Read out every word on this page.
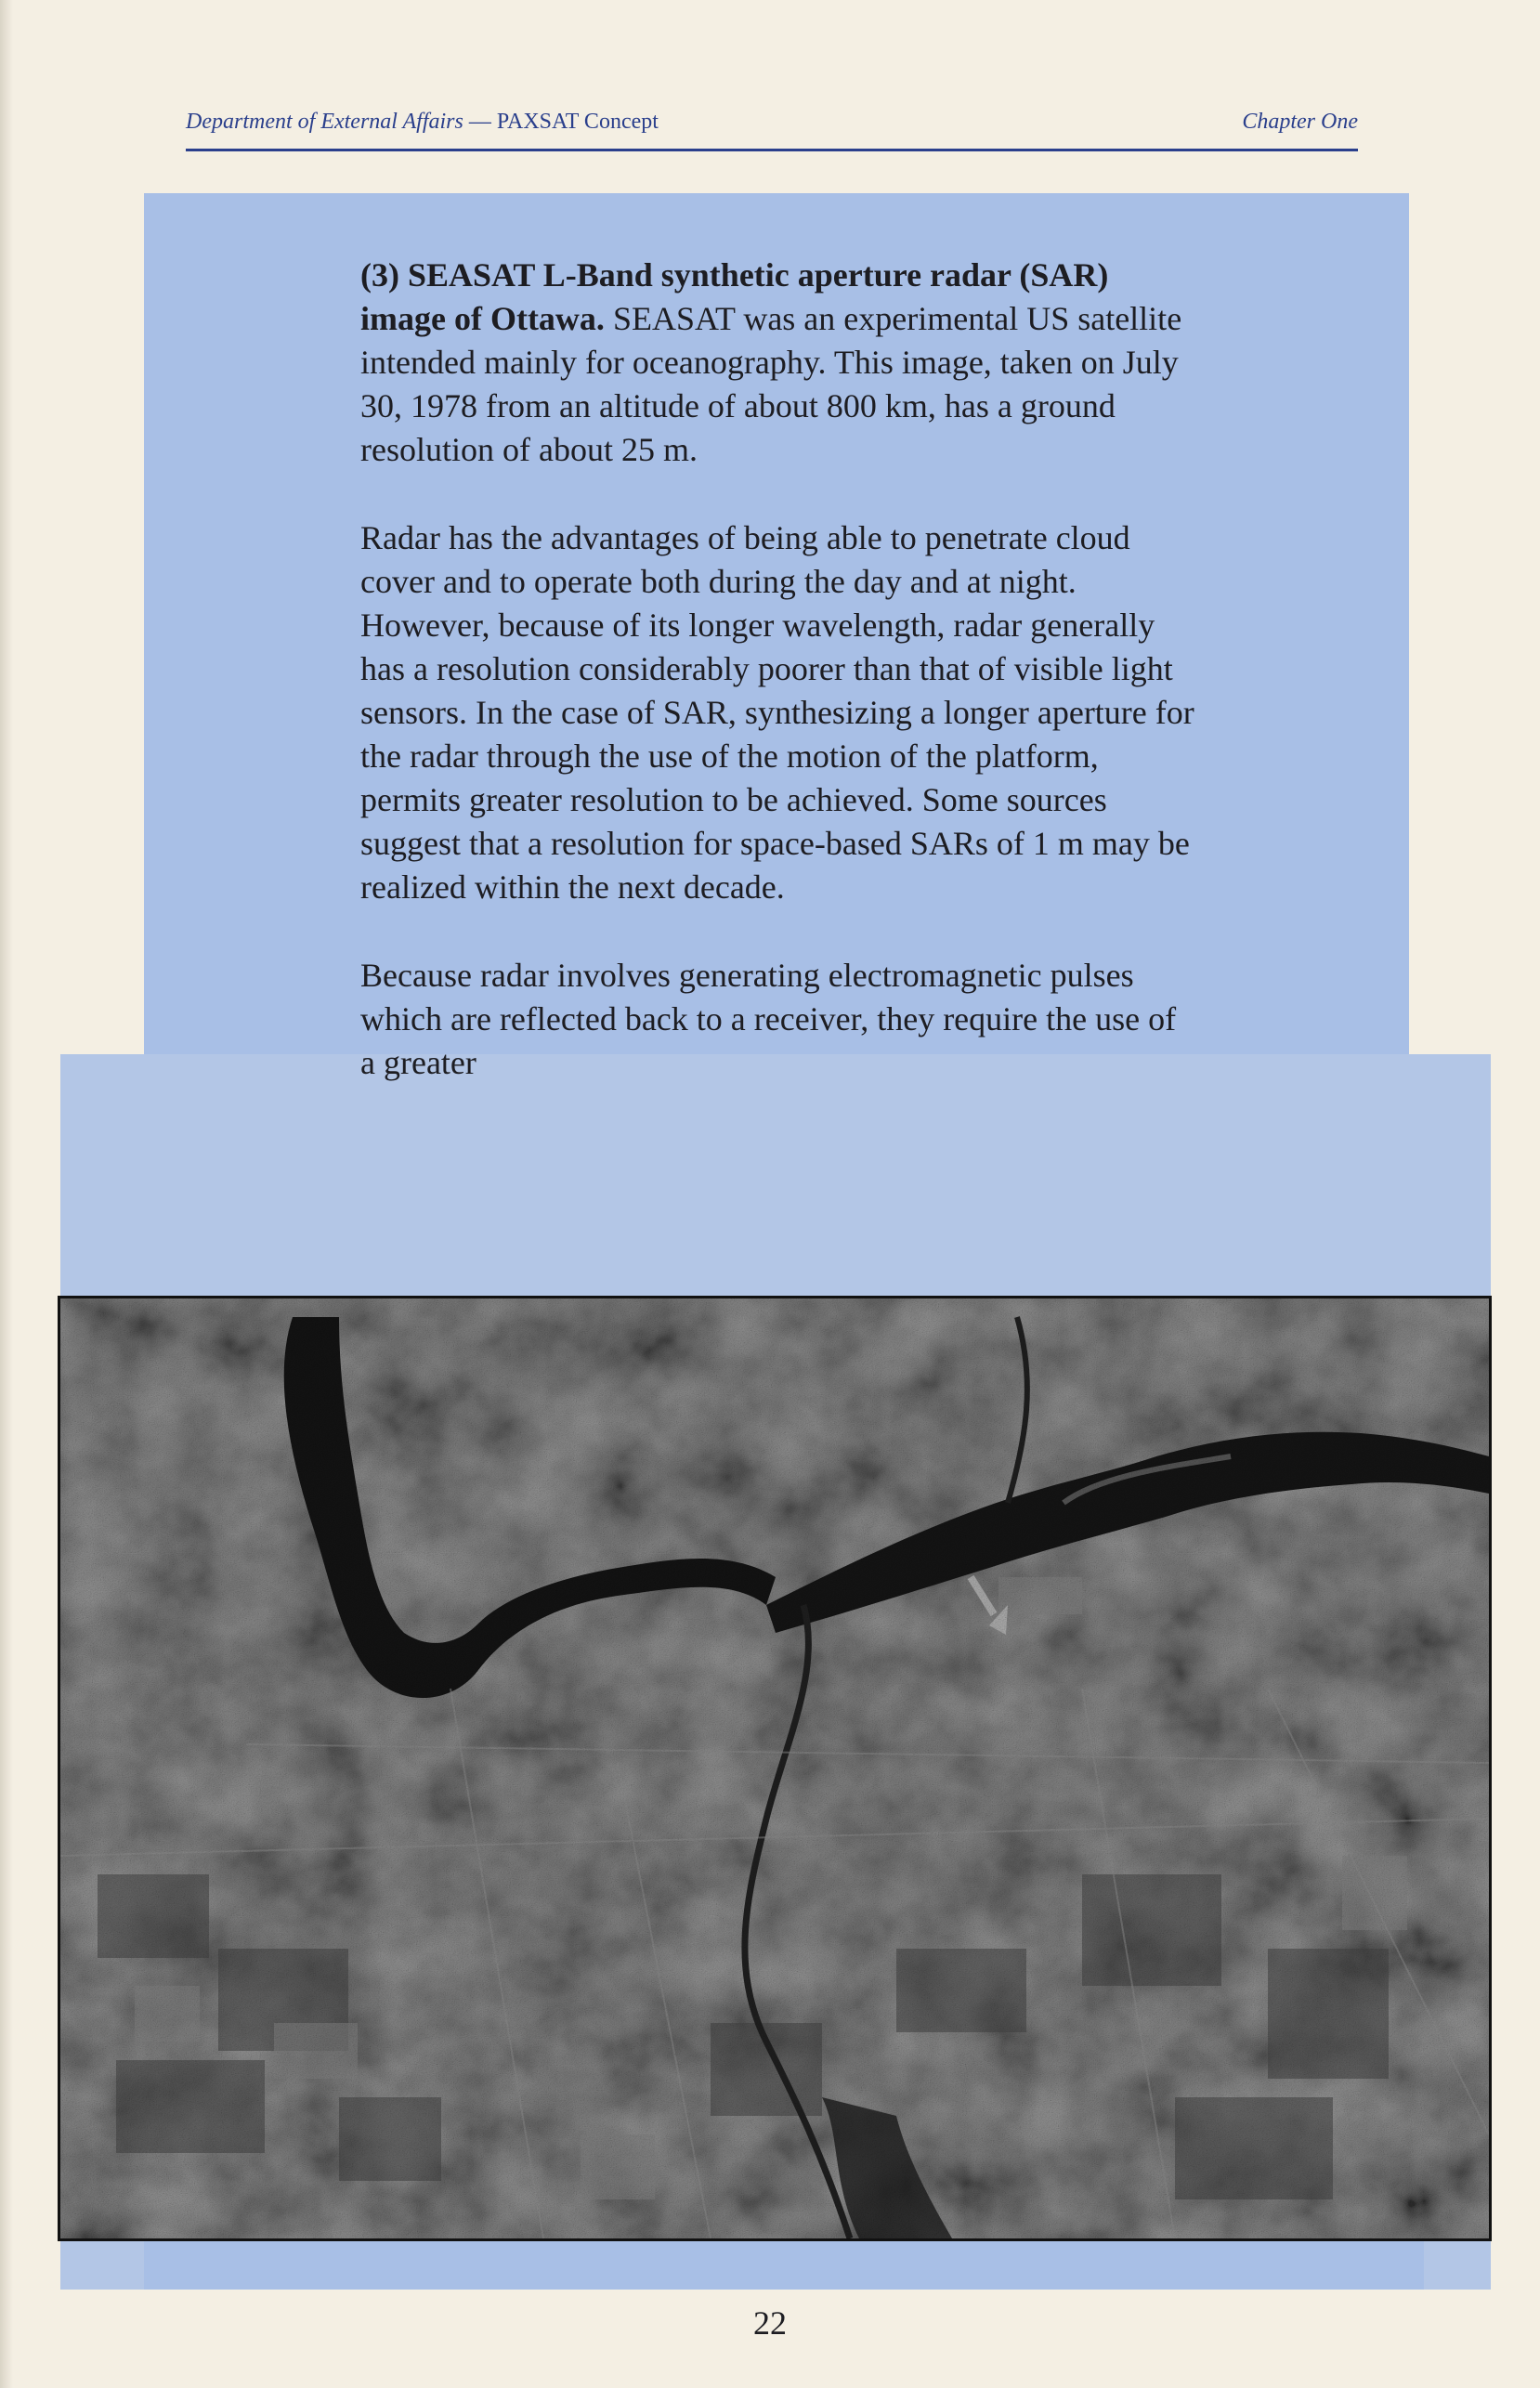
Department of External Affairs — PAXSAT Concept	Chapter One

(3) SEASAT L-Band synthetic aperture radar (SAR) image of Ottawa. SEASAT was an experimental US satellite intended mainly for oceanography. This image, taken on July 30, 1978 from an altitude of about 800 km, has a ground resolution of about 25 m.

Radar has the advantages of being able to penetrate cloud cover and to operate both during the day and at night. However, because of its longer wavelength, radar generally has a resolution considerably poorer than that of visible light sensors. In the case of SAR, synthesizing a longer aperture for the radar through the use of the motion of the platform, permits greater resolution to be achieved. Some sources suggest that a resolution for space-based SARs of 1 m may be realized within the next decade.

Because radar involves generating electromagnetic pulses which are reflected back to a receiver, they require the use of a greater

22
